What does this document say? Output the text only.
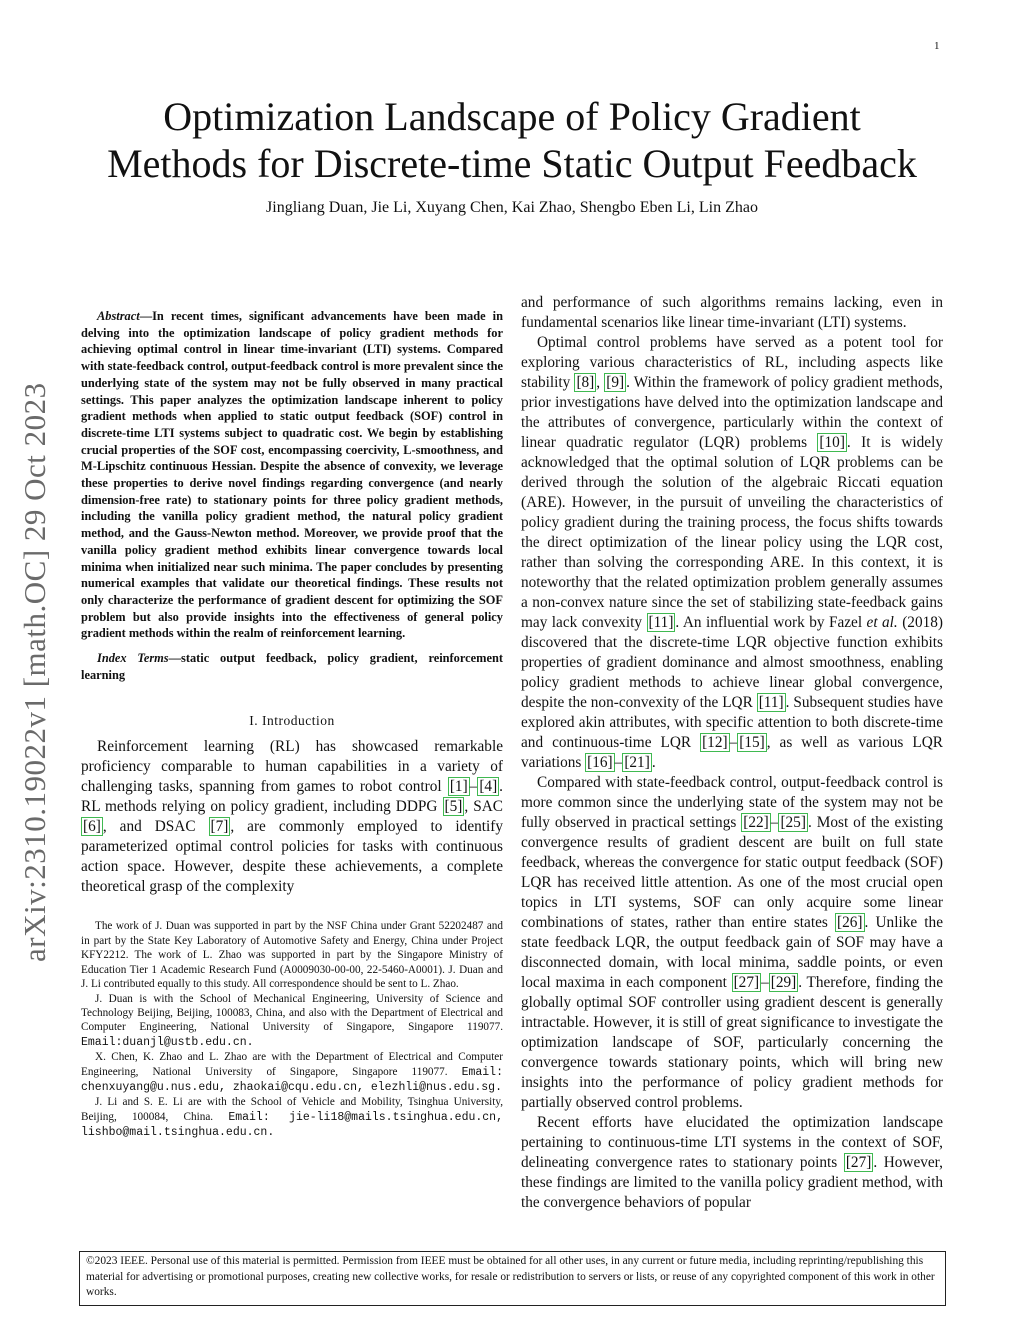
1
arXiv:2310.19022v1 [math.OC] 29 Oct 2023
Optimization Landscape of Policy Gradient
Methods for Discrete-time Static Output Feedback
Jingliang Duan, Jie Li, Xuyang Chen, Kai Zhao, Shengbo Eben Li, Lin Zhao

Abstract—In recent times, significant advancements have been made in delving into the optimization landscape of policy gradient methods for achieving optimal control in linear time-invariant (LTI) systems. Compared with state-feedback control, output-feedback control is more prevalent since the underlying state of the system may not be fully observed in many practical settings. This paper analyzes the optimization landscape inherent to policy gradient methods when applied to static output feedback (SOF) control in discrete-time LTI systems subject to quadratic cost. We begin by establishing crucial properties of the SOF cost, encompassing coercivity, L-smoothness, and M-Lipschitz continuous Hessian. Despite the absence of convexity, we leverage these properties to derive novel findings regarding convergence (and nearly dimension-free rate) to stationary points for three policy gradient methods, including the vanilla policy gradient method, the natural policy gradient method, and the Gauss-Newton method. Moreover, we provide proof that the vanilla policy gradient method exhibits linear convergence towards local minima when initialized near such minima. The paper concludes by presenting numerical examples that validate our theoretical findings. These results not only characterize the performance of gradient descent for optimizing the SOF problem but also provide insights into the effectiveness of general policy gradient methods within the realm of reinforcement learning.

Index Terms—static output feedback, policy gradient, reinforcement learning

I. Introduction

Reinforcement learning (RL) has showcased remarkable proficiency comparable to human capabilities in a variety of challenging tasks, spanning from games to robot control [1] – [4] . RL methods relying on policy gradient, including DDPG [5] , SAC [6] , and DSAC [7] , are commonly employed to identify parameterized optimal control policies for tasks with continuous action space. However, despite these achievements, a complete theoretical grasp of the complexity

The work of J. Duan was supported in part by the NSF China under Grant 52202487 and in part by the State Key Laboratory of Automotive Safety and Energy, China under Project KFY2212. The work of L. Zhao was supported in part by the Singapore Ministry of Education Tier 1 Academic Research Fund (A0009030-00-00, 22-5460-A0001). J. Duan and J. Li contributed equally to this study. All correspondence should be sent to L. Zhao.

J. Duan is with the School of Mechanical Engineering, University of Science and Technology Beijing, Beijing, 100083, China, and also with the Department of Electrical and Computer Engineering, National University of Singapore, Singapore 119077. Email:duanjl@ustb.edu.cn.

X. Chen, K. Zhao and L. Zhao are with the Department of Electrical and Computer Engineering, National University of Singapore, Singapore 119077. Email: chenxuyang@u.nus.edu, zhaokai@cqu.edu.cn, elezhli@nus.edu.sg.

J. Li and S. E. Li are with the School of Vehicle and Mobility, Tsinghua University, Beijing, 100084, China. Email: jie-li18@mails.tsinghua.edu.cn, lishbo@mail.tsinghua.edu.cn.

and performance of such algorithms remains lacking, even in fundamental scenarios like linear time-invariant (LTI) systems.

Optimal control problems have served as a potent tool for exploring various characteristics of RL, including aspects like stability [8] , [9] . Within the framework of policy gradient methods, prior investigations have delved into the optimization landscape and the attributes of convergence, particularly within the context of linear quadratic regulator (LQR) problems [10] . It is widely acknowledged that the optimal solution of LQR problems can be derived through the solution of the algebraic Riccati equation (ARE). However, in the pursuit of unveiling the characteristics of policy gradient during the training process, the focus shifts towards the direct optimization of the linear policy using the LQR cost, rather than solving the corresponding ARE. In this context, it is noteworthy that the related optimization problem generally assumes a non-convex nature since the set of stabilizing state-feedback gains may lack convexity [11] . An influential work by Fazel et al. (2018) discovered that the discrete-time LQR objective function exhibits properties of gradient dominance and almost smoothness, enabling policy gradient methods to achieve linear global convergence, despite the non-convexity of the LQR [11] . Subsequent studies have explored akin attributes, with specific attention to both discrete-time and continuous-time LQR [12] – [15] , as well as various LQR variations [16] – [21] .

Compared with state-feedback control, output-feedback control is more common since the underlying state of the system may not be fully observed in practical settings [22] – [25] . Most of the existing convergence results of gradient descent are built on full state feedback, whereas the convergence for static output feedback (SOF) LQR has received little attention. As one of the most crucial open topics in LTI systems, SOF can only acquire some linear combinations of states, rather than entire states [26] . Unlike the state feedback LQR, the output feedback gain of SOF may have a disconnected domain, with local minima, saddle points, or even local maxima in each component [27] – [29] . Therefore, finding the globally optimal SOF controller using gradient descent is generally intractable. However, it is still of great significance to investigate the optimization landscape of SOF, particularly concerning the convergence towards stationary points, which will bring new insights into the performance of policy gradient methods for partially observed control problems.

Recent efforts have elucidated the optimization landscape pertaining to continuous-time LTI systems in the context of SOF, delineating convergence rates to stationary points [27] . However, these findings are limited to the vanilla policy gradient method, with the convergence behaviors of popular

©2023 IEEE. Personal use of this material is permitted. Permission from IEEE must be obtained for all other uses, in any current or future media, including reprinting/republishing this material for advertising or promotional purposes, creating new collective works, for resale or redistribution to servers or lists, or reuse of any copyrighted component of this work in other works.
